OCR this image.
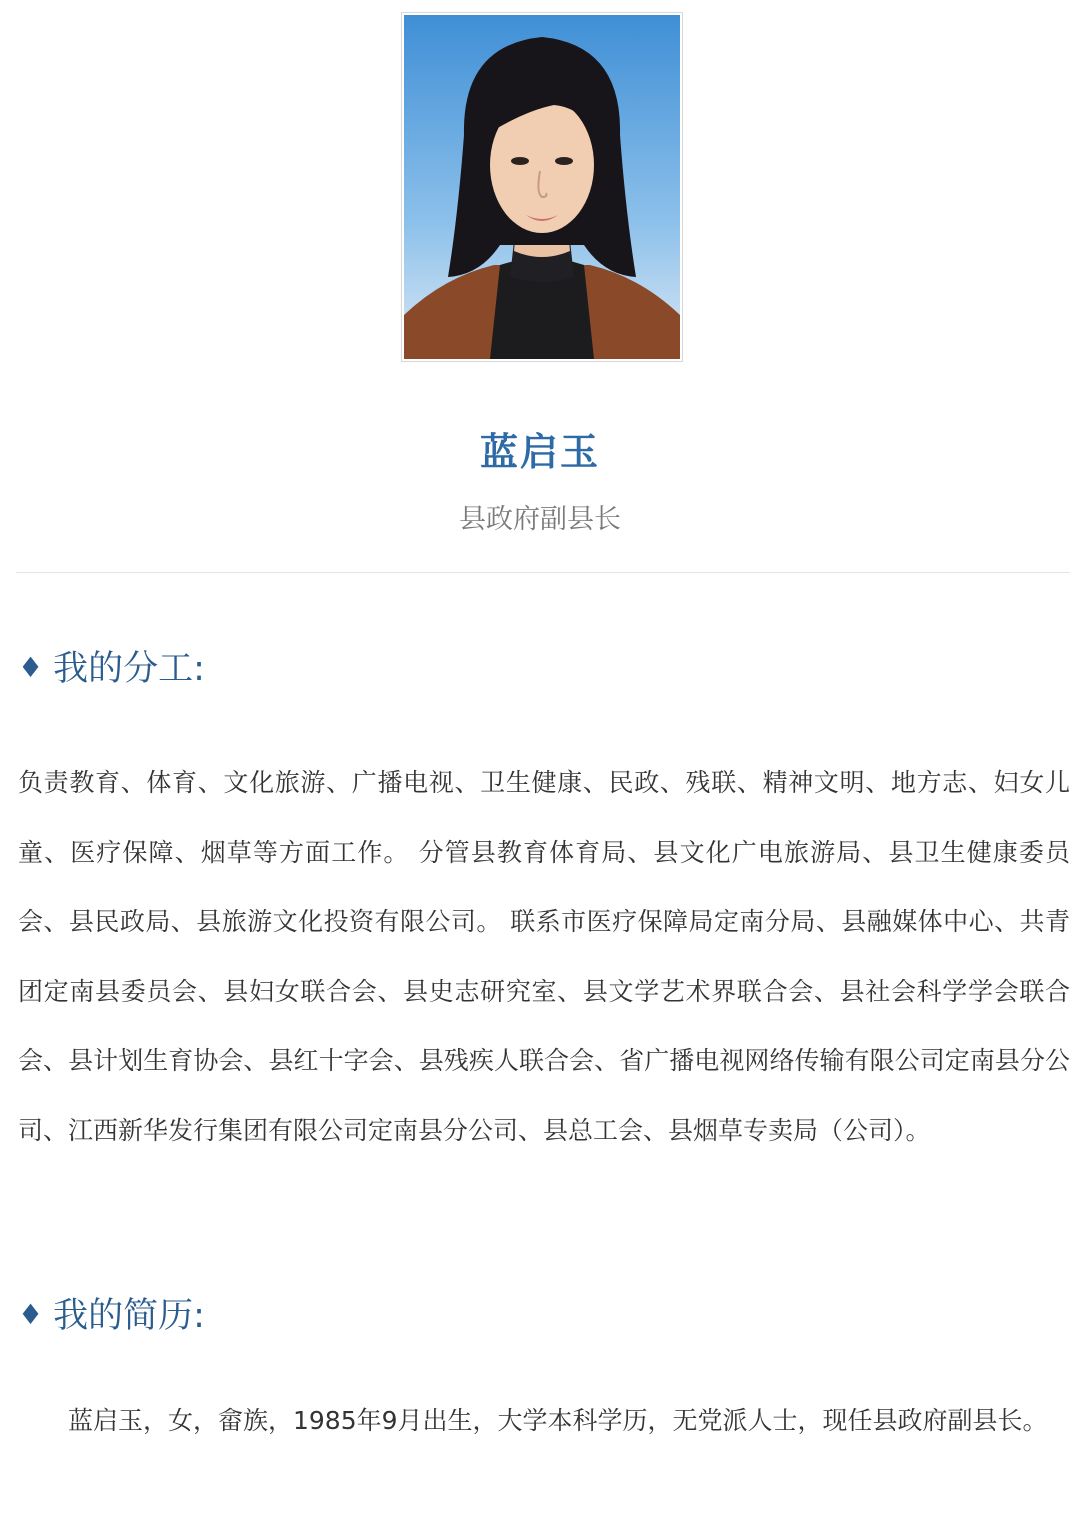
蓝启玉
县政府副县长
♦ 我的分工:

负责教育、体育、文化旅游、广播电视、卫生健康、民政、残联、精神文明、地方志、妇女儿童、医疗保障、烟草等方面工作。 分管县教育体育局、县文化广电旅游局、县卫生健康委员会、县民政局、县旅游文化投资有限公司。 联系市医疗保障局定南分局、县融媒体中心、共青团定南县委员会、县妇女联合会、县史志研究室、县文学艺术界联合会、县社会科学学会联合会、县计划生育协会、县红十字会、县残疾人联合会、省广播电视网络传输有限公司定南县分公司、江西新华发行集团有限公司定南县分公司、县总工会、县烟草专卖局（公司）。

♦ 我的简历:

蓝启玉，女，畲族，1985年9月出生，大学本科学历，无党派人士，现任县政府副县长。
